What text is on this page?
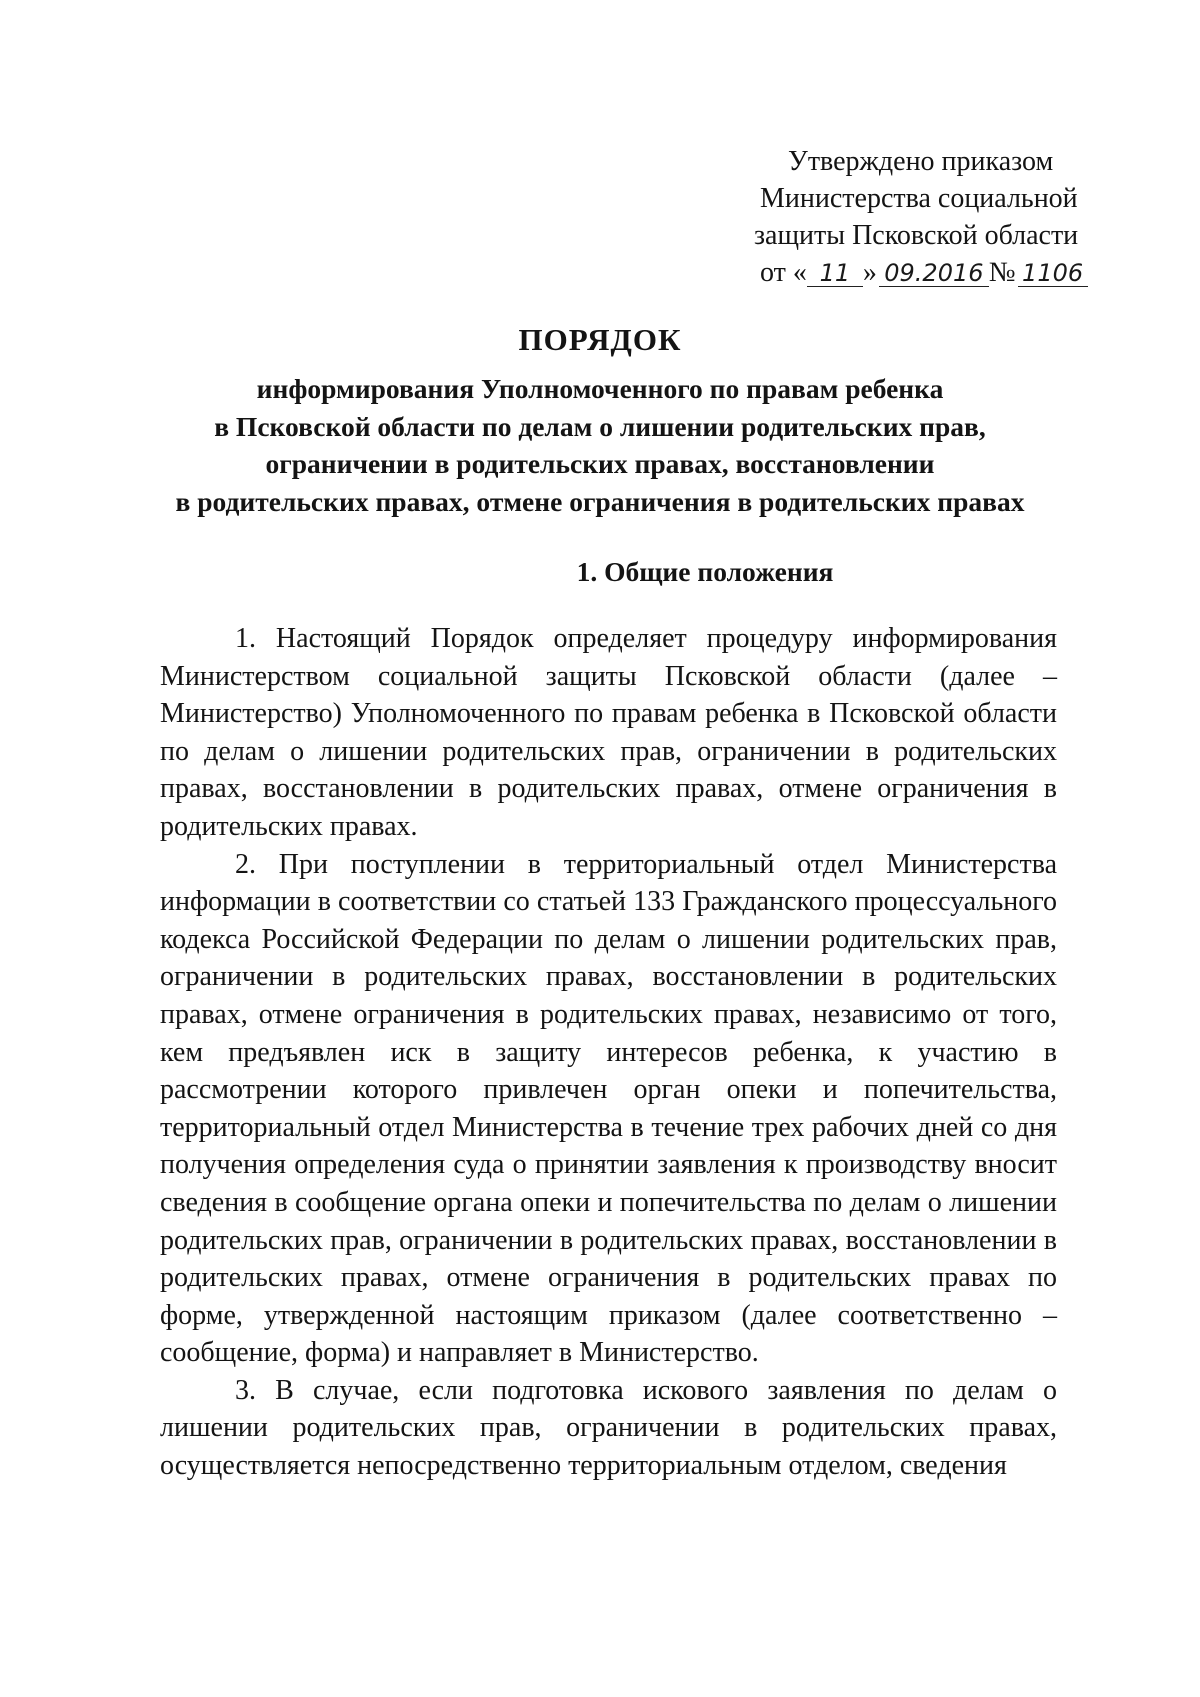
Утверждено приказом
Министерства социальной
защиты Псковской области
от « 11 » 09.2016 № 1106
ПОРЯДОК
информирования Уполномоченного по правам ребенка
в Псковской области по делам о лишении родительских прав,
ограничении в родительских правах, восстановлении
в родительских правах, отмене ограничения в родительских правах
1. Общие положения

1. Настоящий Порядок определяет процедуру информирования Министерством социальной защиты Псковской области (далее – Министерство) Уполномоченного по правам ребенка в Псковской области по делам о лишении родительских прав, ограничении в родительских правах, восстановлении в родительских правах, отмене ограничения в родительских правах.

2. При поступлении в территориальный отдел Министерства информации в соответствии со статьей 133 Гражданского процессуального кодекса Российской Федерации по делам о лишении родительских прав, ограничении в родительских правах, восстановлении в родительских правах, отмене ограничения в родительских правах, независимо от того, кем предъявлен иск в защиту интересов ребенка, к участию в рассмотрении которого привлечен орган опеки и попечительства, территориальный отдел Министерства в течение трех рабочих дней со дня получения определения суда о принятии заявления к производству вносит сведения в сообщение органа опеки и попечительства по делам о лишении родительских прав, ограничении в родительских правах, восстановлении в родительских правах, отмене ограничения в родительских правах по форме, утвержденной настоящим приказом (далее соответственно – сообщение, форма) и направляет в Министерство.

3. В случае, если подготовка искового заявления по делам о лишении родительских прав, ограничении в родительских правах, осуществляется непосредственно территориальным отделом, сведения
